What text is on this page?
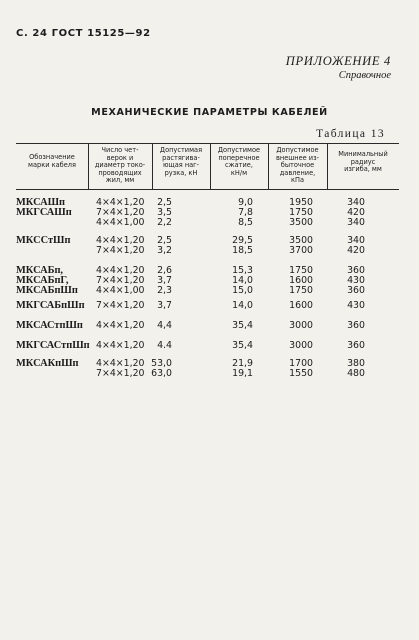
С. 24 ГОСТ 15125—92
ПРИЛОЖЕНИЕ 4
Справочное
МЕХАНИЧЕСКИЕ ПАРАМЕТРЫ КАБЕЛЕЙ
Таблица 13
Обозначение
марки кабеля
Число чет-
верок и
диаметр токо-
проводящих
жил, мм
Допустимая
растягива-
ющая наг-
рузка, кН
Допустимое
поперечное
сжатие,
кН/м
Допустимое
внешнее из-
быточное
давление,
кПа
Минимальный
радиус
изгиба, мм
МКСАШп	4×4×1,20 2,5	9,0	1950	340
МКГСАШп	7×4×1,20 3,5	7,8	1750	420
4×4×1,00 2,2	8,5	3500	340
МКССтШп	4×4×1,20 2,5	29,5	3500	340
7×4×1,20 3,2	18,5	3700	420
МКСАБп,	4×4×1,20 2,6	15,3	1750	360
МКСАБпГ,	7×4×1,20 3,7	14,0	1600	430
МКСАБпШп 4×4×1,00 2,3	15,0	1750	360
МКГСАБпШп 7×4×1,20 3,7	14,0	1600	430
МКСАСтпШп 4×4×1,20 4,4	35,4	3000	360
МКГСАСтпШп 4×4×1,20 4.4	35,4	3000	360
МКСАКпШп 4×4×1,20 53,0	21,9	1700	380
7×4×1,20 63,0	19,1	1550	480
